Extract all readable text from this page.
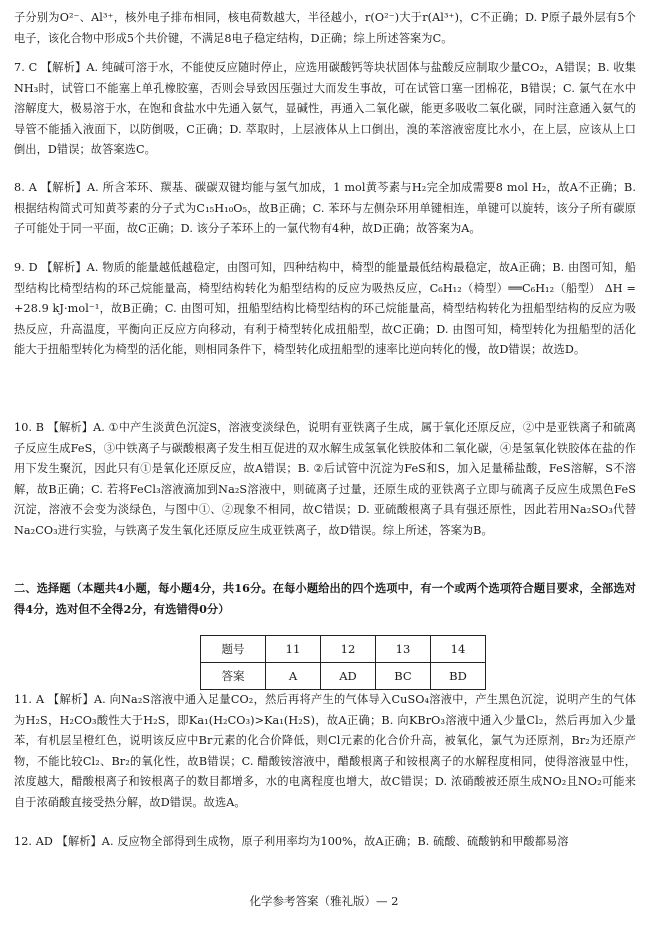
子分别为O²⁻、Al³⁺，核外电子排布相同，核电荷数越大，半径越小，r(O²⁻)大于r(Al³⁺)，C不正确；D. P原子最外层有5个电子，该化合物中形成5个共价键，不满足8电子稳定结构，D正确；综上所述答案为C。
7. C 【解析】A. 纯碱可溶于水，不能使反应随时停止，应选用碳酸钙等块状固体与盐酸反应制取少量CO₂，A错误；B. 收集NH₃时，试管口不能塞上单孔橡胶塞，否则会导致因压强过大而发生事故，可在试管口塞一团棉花，B错误；C. 氯气在水中溶解度大，极易溶于水，在饱和食盐水中先通入氨气，显碱性，再通入二氧化碳，能更多吸收二氧化碳，同时注意通入氨气的导管不能插入液面下，以防倒吸，C正确；D. 萃取时，上层液体从上口倒出，溴的苯溶液密度比水小，在上层，应该从上口倒出，D错误；故答案选C。
8. A 【解析】A. 所含苯环、羰基、碳碳双键均能与氢气加成，1 mol黄芩素与H₂完全加成需要8 mol H₂，故A不正确；B. 根据结构简式可知黄芩素的分子式为C₁₅H₁₀O₅，故B正确；C. 苯环与左侧杂环用单键相连，单键可以旋转，该分子所有碳原子可能处于同一平面，故C正确；D. 该分子苯环上的一氯代物有4种，故D正确；故答案为A。
9. D 【解析】A. 物质的能量越低越稳定，由图可知，四种结构中，椅型的能量最低结构最稳定，故A正确；B. 由图可知，船型结构比椅型结构的环己烷能量高，椅型结构转化为船型结构的反应为吸热反应，C₆H₁₂（椅型）══C₆H₁₂（船型） ΔH = +28.9 kJ·mol⁻¹，故B正确；C. 由图可知，扭船型结构比椅型结构的环己烷能量高，椅型结构转化为扭船型结构的反应为吸热反应，升高温度，平衡向正反应方向移动，有利于椅型转化成扭船型，故C正确；D. 由图可知，椅型转化为扭船型的活化能大于扭船型转化为椅型的活化能，则相同条件下，椅型转化成扭船型的速率比逆向转化的慢，故D错误；故选D。
10. B 【解析】A. ①中产生淡黄色沉淀S，溶液变淡绿色，说明有亚铁离子生成，属于氧化还原反应，②中是亚铁离子和硫离子反应生成FeS，③中铁离子与碳酸根离子发生相互促进的双水解生成氢氧化铁胶体和二氧化碳，④是氢氧化铁胶体在盐的作用下发生聚沉，因此只有①是氧化还原反应，故A错误；B. ②后试管中沉淀为FeS和S，加入足量稀盐酸，FeS溶解，S不溶解，故B正确；C. 若将FeCl₃溶液滴加到Na₂S溶液中，则硫离子过量，还原生成的亚铁离子立即与硫离子反应生成黑色FeS沉淀，溶液不会变为淡绿色，与图中①、②现象不相同，故C错误；D. 亚硫酸根离子具有强还原性，因此若用Na₂SO₃代替Na₂CO₃进行实验，与铁离子发生氧化还原反应生成亚铁离子，故D错误。综上所述，答案为B。
二、选择题（本题共4小题，每小题4分，共16分。在每小题给出的四个选项中，有一个或两个选项符合题目要求，全部选对得4分，选对但不全得2分，有选错得0分）
题号	11	12	13	14
答案	A	AD	BC	BD
11. A 【解析】A. 向Na₂S溶液中通入足量CO₂，然后再将产生的气体导入CuSO₄溶液中，产生黑色沉淀，说明产生的气体为H₂S，H₂CO₃酸性大于H₂S，即Ka₁(H₂CO₃)>Ka₁(H₂S)，故A正确；B. 向KBrO₃溶液中通入少量Cl₂，然后再加入少量苯，有机层呈橙红色，说明该反应中Br元素的化合价降低，则Cl元素的化合价升高，被氧化，氯气为还原剂，Br₂为还原产物，不能比较Cl₂、Br₂的氧化性，故B错误；C. 醋酸铵溶液中，醋酸根离子和铵根离子的水解程度相同，使得溶液显中性，浓度越大，醋酸根离子和铵根离子的数目都增多，水的电离程度也增大，故C错误；D. 浓硝酸被还原生成NO₂且NO₂可能来自于浓硝酸直接受热分解，故D错误。故选A。
12. AD 【解析】A. 反应物全部得到生成物，原子利用率均为100%，故A正确；B. 硫酸、硫酸钠和甲酸都易溶
化学参考答案（雅礼版）— 2
